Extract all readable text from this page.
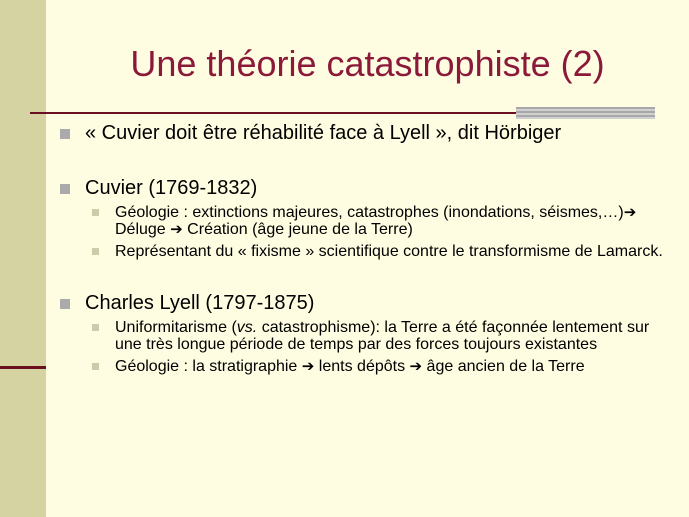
Une théorie catastrophiste (2)
« Cuvier doit être réhabilité face à Lyell », dit Hörbiger
Cuvier (1769-1832)
Géologie : extinctions majeures, catastrophes (inondations, séismes,…)➔ Déluge ➔ Création (âge jeune de la Terre)
Représentant du « fixisme » scientifique contre le transformisme de Lamarck.
Charles Lyell (1797-1875)
Uniformitarisme (vs. catastrophisme): la Terre a été façonnée lentement sur une très longue période de temps par des forces toujours existantes
Géologie : la stratigraphie ➔ lents dépôts ➔ âge ancien de la Terre
